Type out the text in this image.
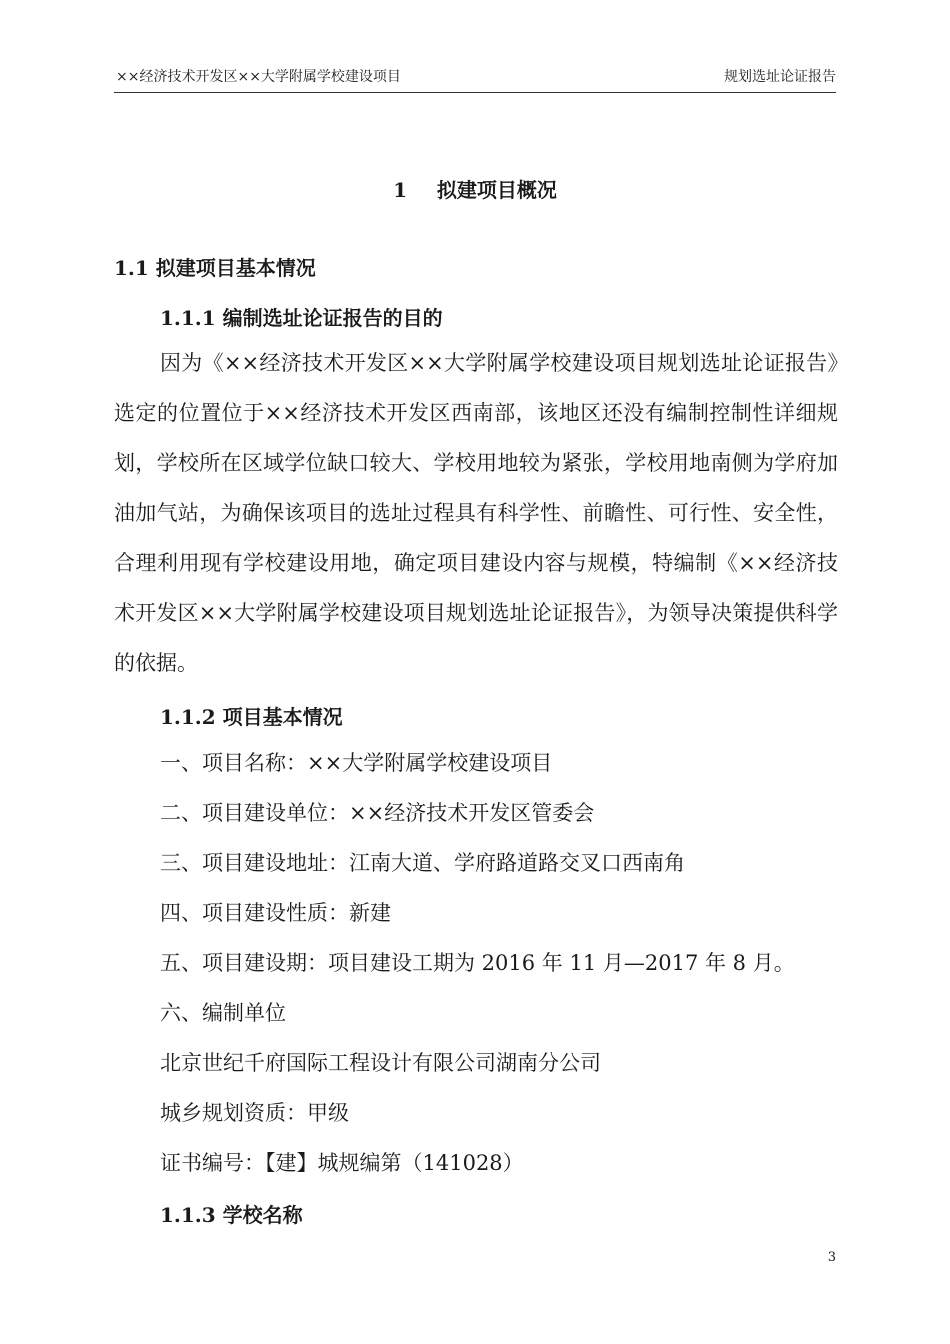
××经济技术开发区××大学附属学校建设项目	规划选址论证报告
1  拟建项目概况
1.1 拟建项目基本情况
1.1.1 编制选址论证报告的目的

因为《××经济技术开发区××大学附属学校建设项目规划选址论证报告》选定的位置位于××经济技术开发区西南部，该地区还没有编制控制性详细规划，学校所在区域学位缺口较大、学校用地较为紧张，学校用地南侧为学府加油加气站，为确保该项目的选址过程具有科学性、前瞻性、可行性、安全性，合理利用现有学校建设用地，确定项目建设内容与规模，特编制《××经济技术开发区××大学附属学校建设项目规划选址论证报告》，为领导决策提供科学的依据。

1.1.2 项目基本情况
一、项目名称：××大学附属学校建设项目
二、项目建设单位：××经济技术开发区管委会
三、项目建设地址：江南大道、学府路道路交叉口西南角
四、项目建设性质：新建
五、项目建设期：项目建设工期为 2016 年 11 月—2017 年 8 月。
六、编制单位
北京世纪千府国际工程设计有限公司湖南分公司
城乡规划资质：甲级
证书编号：【建】城规编第（141028）
1.1.3 学校名称
3
